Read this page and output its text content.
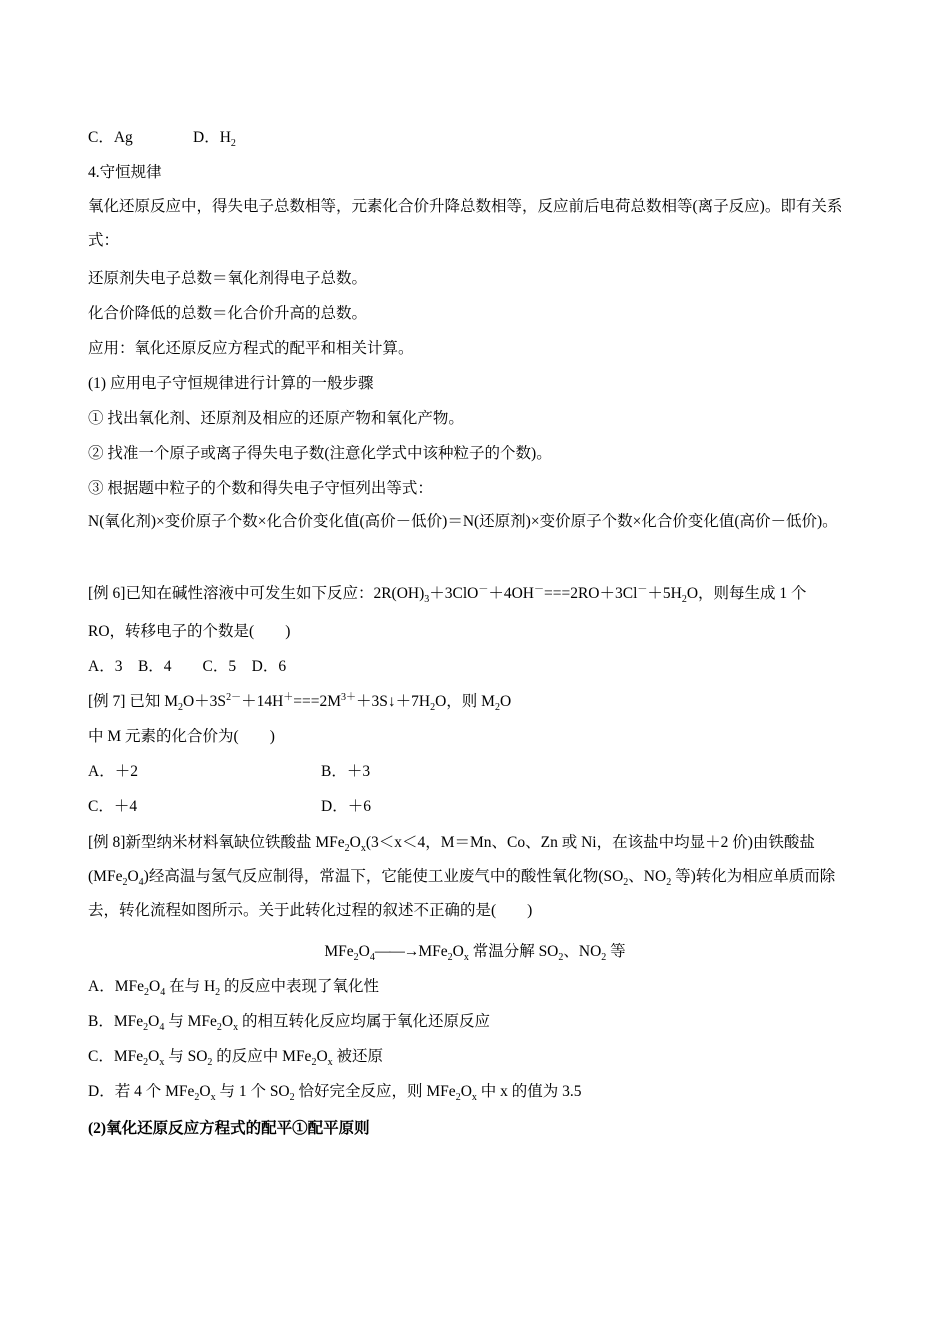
C．Ag	D．$H_2$
4.守恒规律
氧化还原反应中，得失电子总数相等，元素化合价升降总数相等，反应前后电荷总数相等(离子反应)。即有关系式：
还原剂失电子总数＝氧化剂得电子总数。
化合价降低的总数＝化合价升高的总数。
应用：氧化还原反应方程式的配平和相关计算。
(1) 应用电子守恒规律进行计算的一般步骤
① 找出氧化剂、还原剂及相应的还原产物和氧化产物。
② 找准一个原子或离子得失电子数(注意化学式中该种粒子的个数)。
③ 根据题中粒子的个数和得失电子守恒列出等式：
N(氧化剂)×变价原子个数×化合价变化值(高价－低价)＝N(还原剂)×变价原子个数×化合价变化值(高价－低价)。
[例 6]已知在碱性溶液中可发生如下反应：$2R(OH)_3+3ClO^-+4OH^-===2RO+3Cl^-+5H_2O$，则每生成 1 个
RO，转移电子的个数是(　　)
A．3　B．4　　C．5　D．6
[例 7] 已知 $M_2O+3S^{2-}+14H^+===2M^{3+}+3S↓+7H_2O$，则 $M_2O$
中 M 元素的化合价为(　　)
A．＋2	B．＋3
C．＋4	D．＋6
[例 8]新型纳米材料氧缺位铁酸盐 $MFe_2O_x(3<x<4$，M＝Mn、Co、Zn 或 Ni，在该盐中均显＋2 价)由铁酸盐$(MFe_2O_4)$经高温与氢气反应制得，常温下，它能使工业废气中的酸性氧化物($SO_2$、$NO_2$ 等)转化为相应单质而除去，转化流程如图所示。关于此转化过程的叙述不正确的是(　　)
$MFe_2O_4——\to MFe_2O_x$ 常温分解 $SO_2$、$NO_2$ 等
A．$MFe_2O_4$ 在与 $H_2$ 的反应中表现了氧化性
B．$MFe_2O_4$ 与 $MFe_2O_x$ 的相互转化反应均属于氧化还原反应
C．$MFe_2O_x$ 与 $SO_2$ 的反应中 $MFe_2O_x$ 被还原
D．若 4 个 $MFe_2O_x$ 与 1 个 $SO_2$ 恰好完全反应，则 $MFe_2O_x$ 中 x 的值为 3.5
(2)氧化还原反应方程式的配平①配平原则
